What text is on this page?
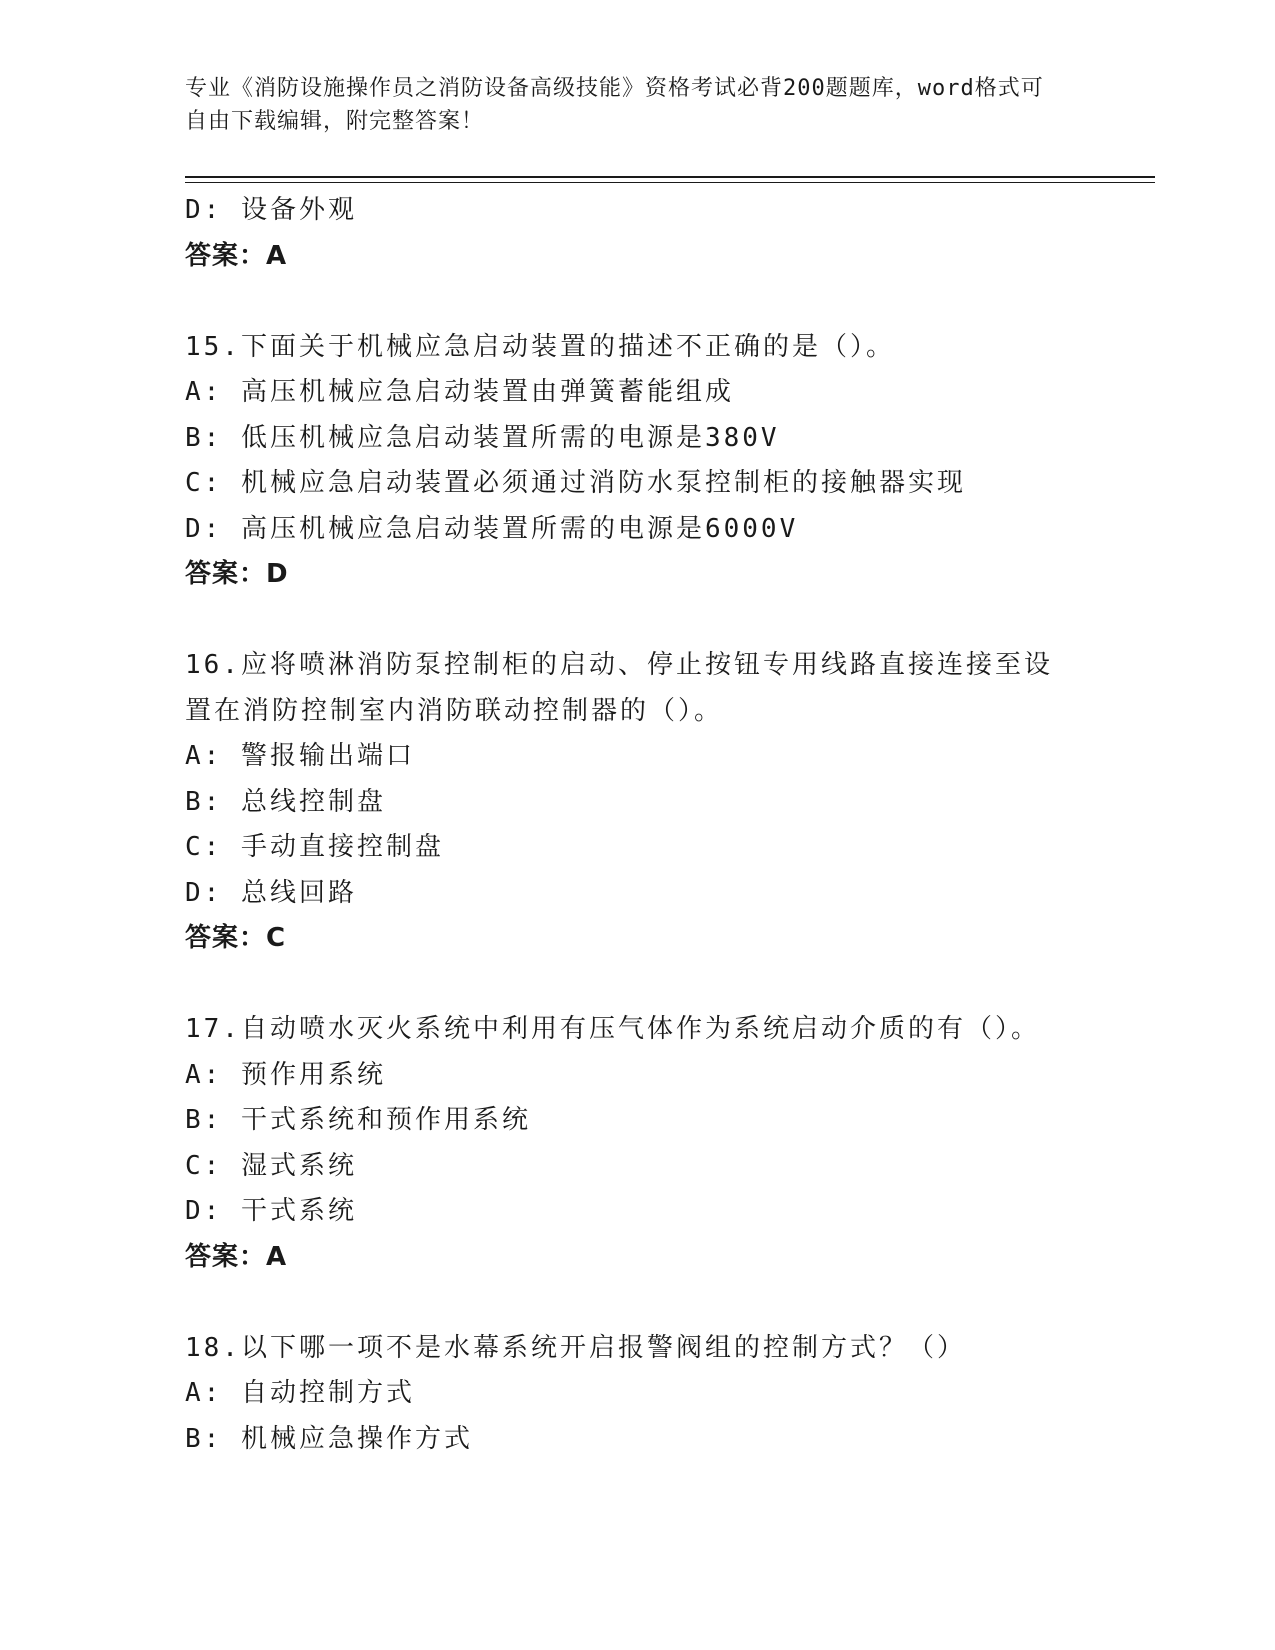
专业《消防设施操作员之消防设备高级技能》资格考试必背200题题库，word格式可自由下载编辑，附完整答案！
D: 设备外观
答案：A
15.下面关于机械应急启动装置的描述不正确的是（）。
A: 高压机械应急启动装置由弹簧蓄能组成
B: 低压机械应急启动装置所需的电源是380V
C: 机械应急启动装置必须通过消防水泵控制柜的接触器实现
D: 高压机械应急启动装置所需的电源是6000V
答案：D
16.应将喷淋消防泵控制柜的启动、停止按钮专用线路直接连接至设置在消防控制室内消防联动控制器的（）。
A: 警报输出端口
B: 总线控制盘
C: 手动直接控制盘
D: 总线回路
答案：C
17.自动喷水灭火系统中利用有压气体作为系统启动介质的有（）。
A: 预作用系统
B: 干式系统和预作用系统
C: 湿式系统
D: 干式系统
答案：A
18.以下哪一项不是水幕系统开启报警阀组的控制方式？（）
A: 自动控制方式
B: 机械应急操作方式
